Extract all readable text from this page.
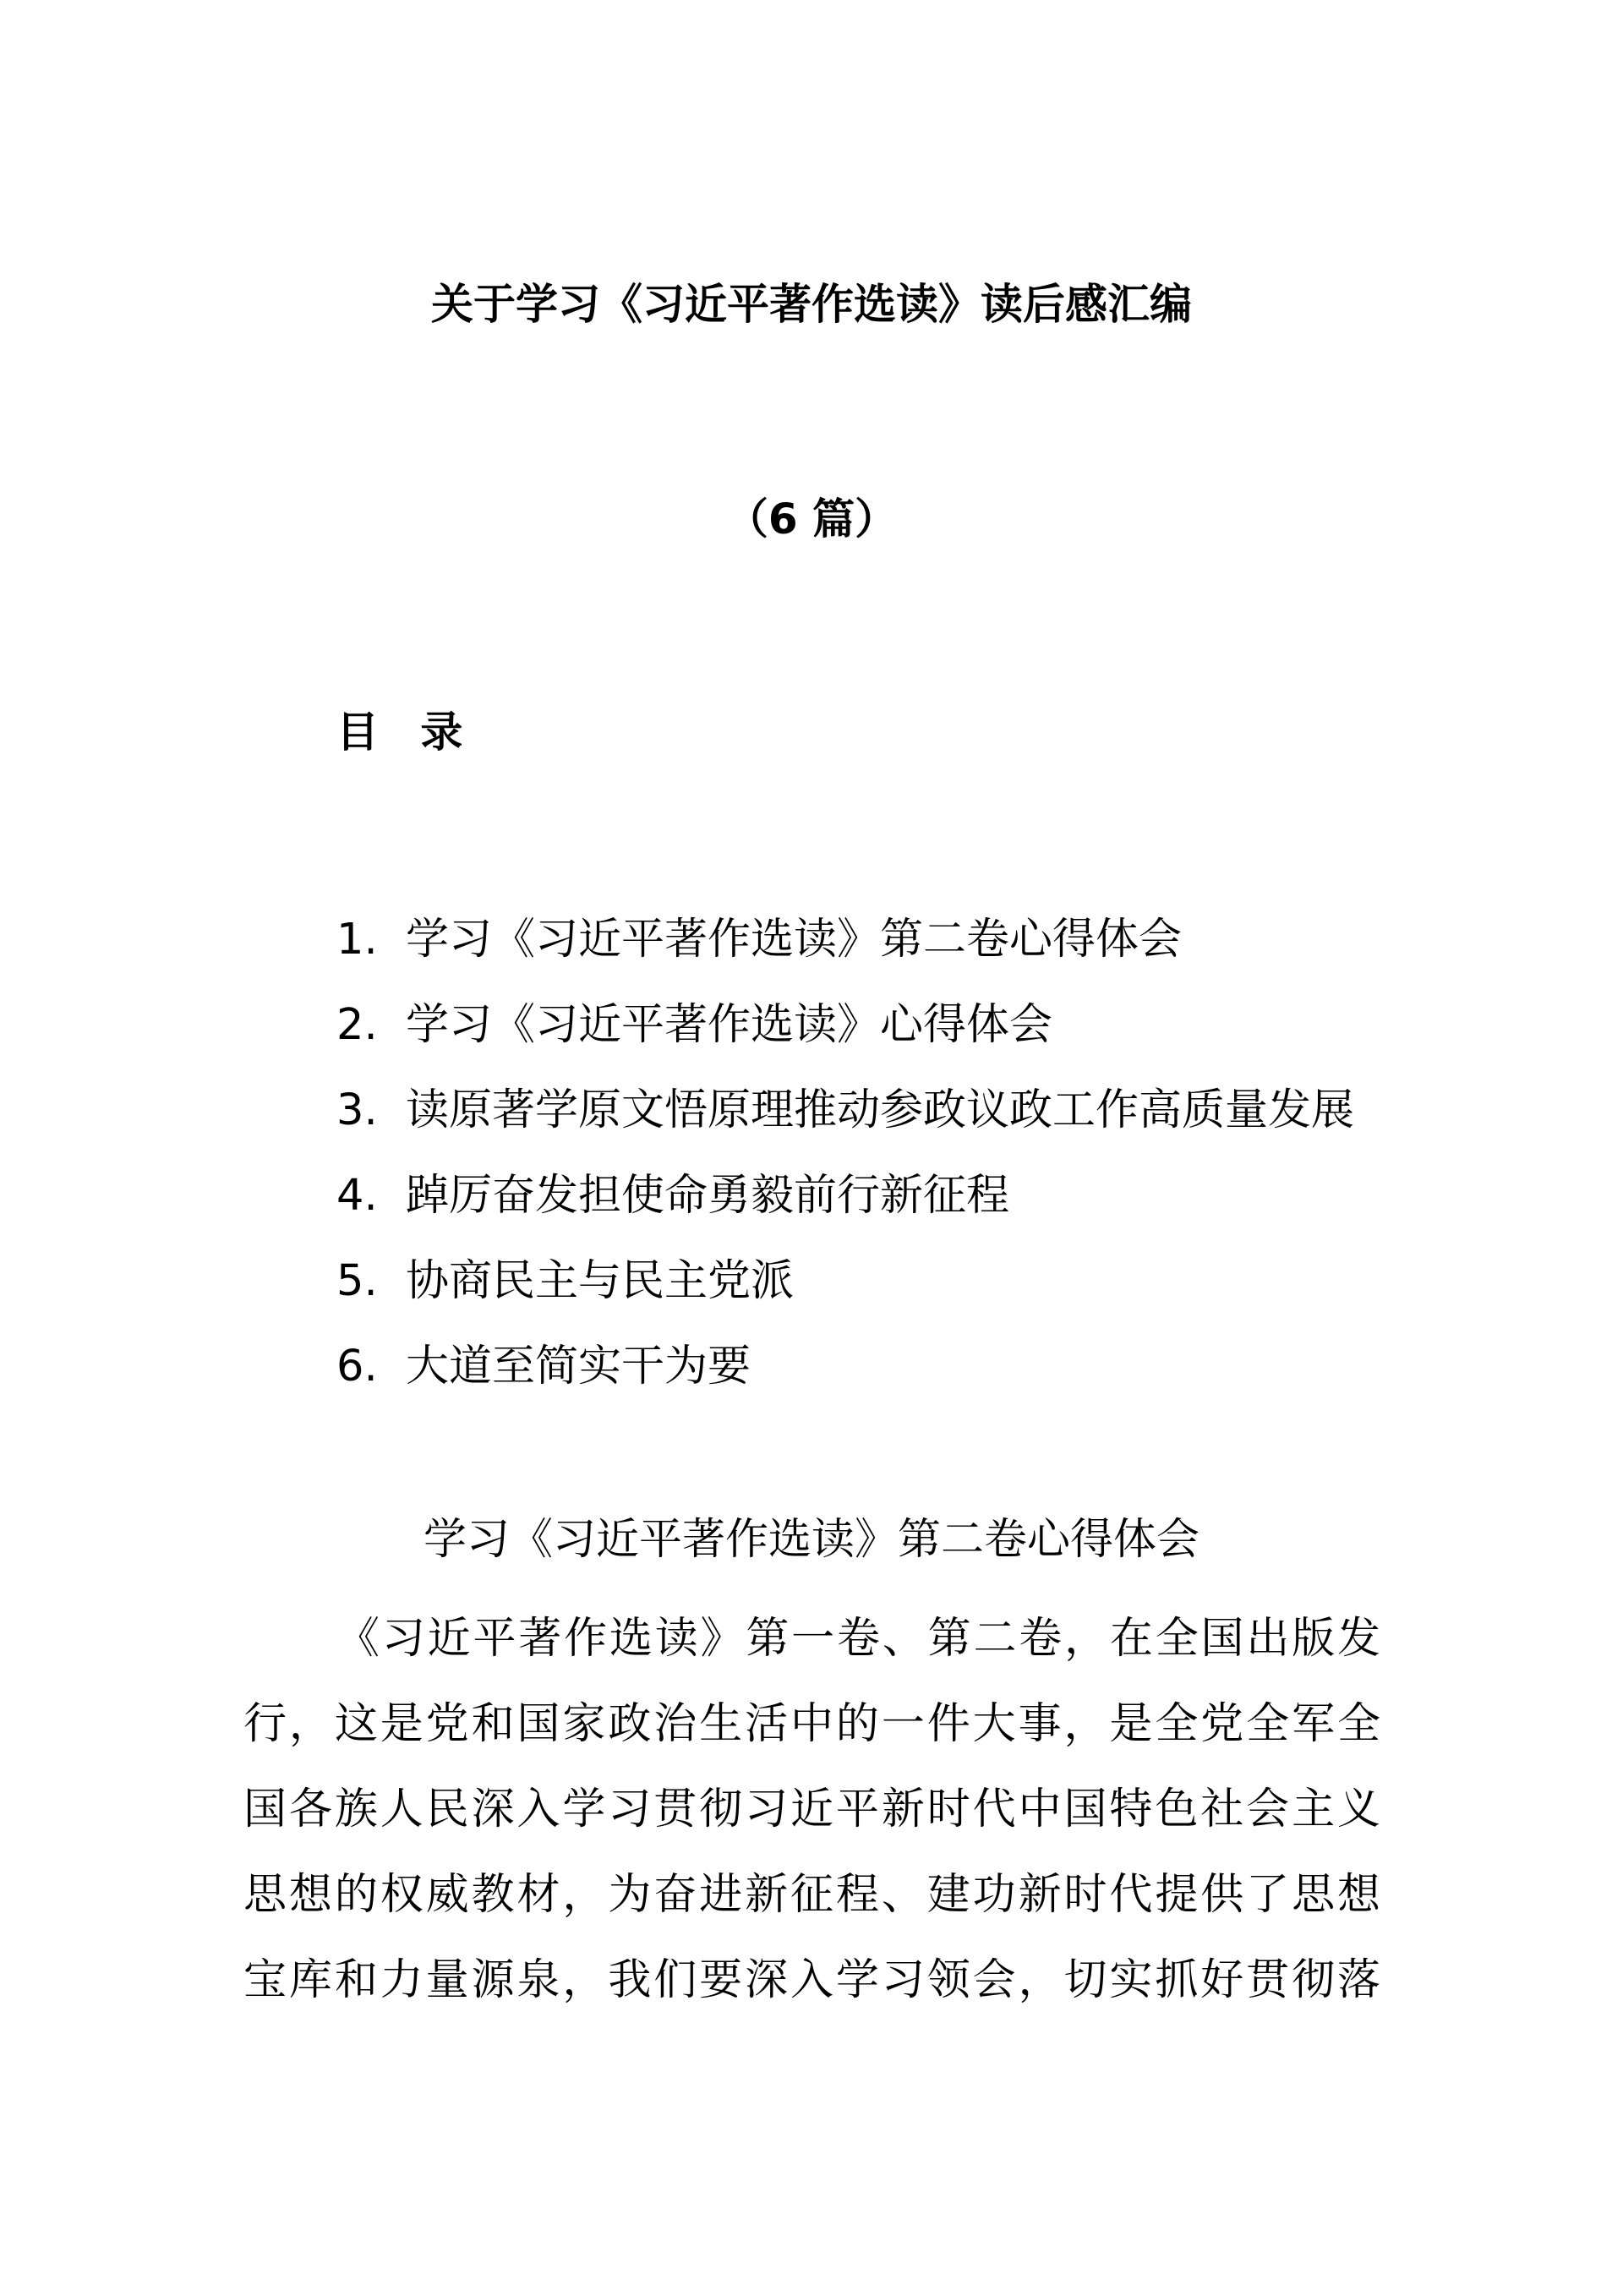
关于学习《习近平著作选读》读后感汇编
（6 篇）
目 录
1. 学习《习近平著作选读》第二卷心得体会
2. 学习《习近平著作选读》心得体会
3. 读原著学原文悟原理推动参政议政工作高质量发展
4. 踔厉奋发担使命勇毅前行新征程
5. 协商民主与民主党派
6. 大道至简实干为要
学习《习近平著作选读》第二卷心得体会
《习近平著作选读》第一卷、第二卷，在全国出版发
行，这是党和国家政治生活中的一件大事，是全党全军全
国各族人民深入学习贯彻习近平新时代中国特色社会主义
思想的权威教材，为奋进新征程、建功新时代提供了思想
宝库和力量源泉，我们要深入学习领会，切实抓好贯彻落
